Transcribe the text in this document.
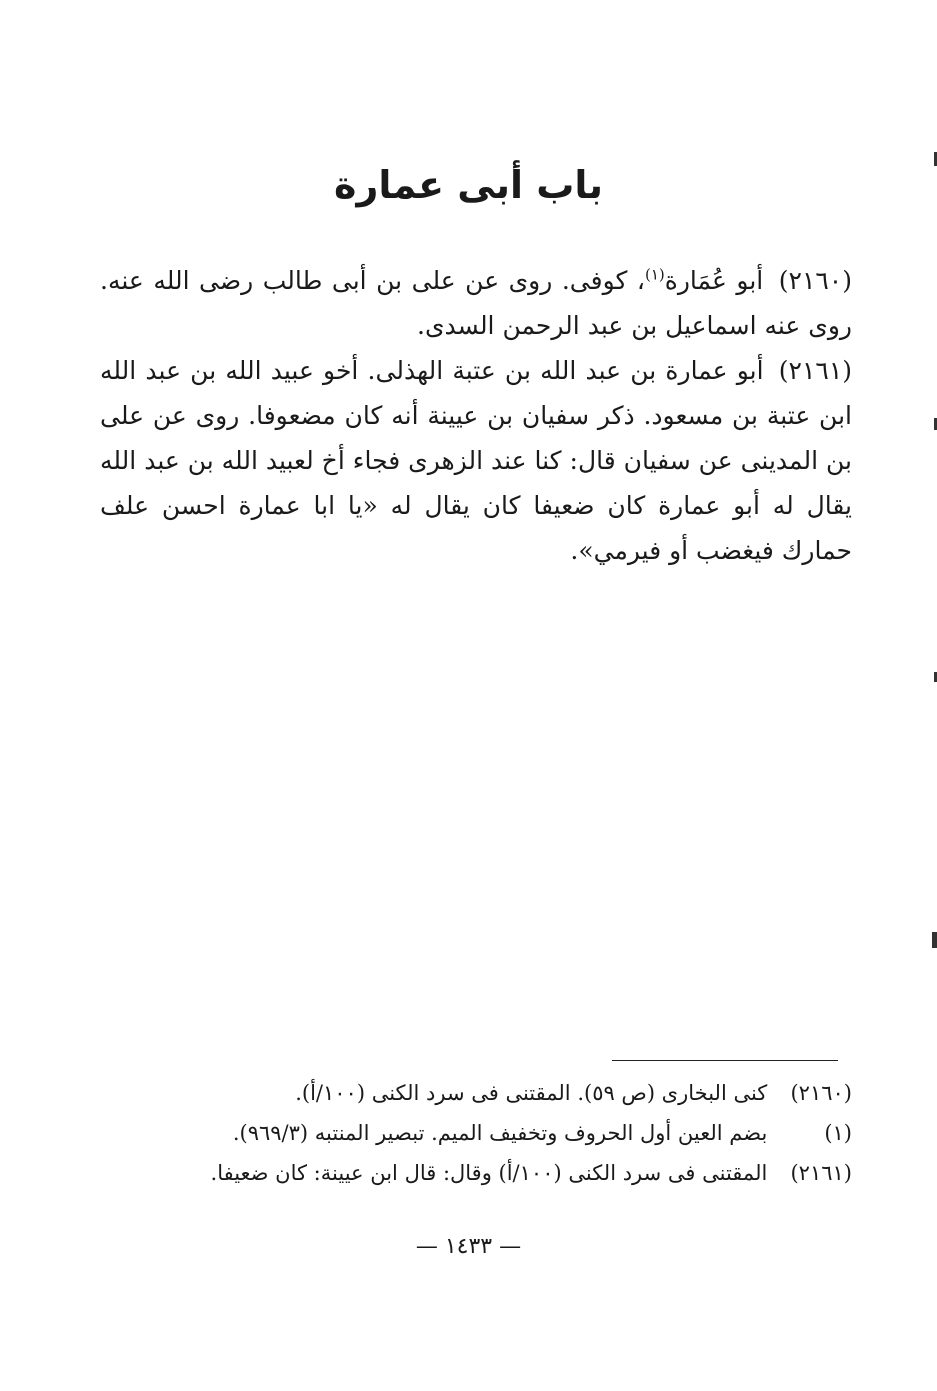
باب أبى عمارة

(٢١٦٠) أبو عُمَارة$^{(١)}$، كوفى. روى عن على بن أبى طالب رضى الله عنه. روى عنه اسماعيل بن عبد الرحمن السدى.

(٢١٦١) أبو عمارة بن عبد الله بن عتبة الهذلى. أخو عبيد الله بن عبد الله ابن عتبة بن مسعود. ذكر سفيان بن عيينة أنه كان مضعوفا. روى عن على بن المدينى عن سفيان قال: كنا عند الزهرى فجاء أخ لعبيد الله بن عبد الله يقال له أبو عمارة كان ضعيفا كان يقال له «يا ابا عمارة احسن علف حمارك فيغضب أو فيرمي».

(٢١٦٠) كنى البخارى (ص ٥٩). المقتنى فى سرد الكنى (١٠٠/أ).

(١) بضم العين أول الحروف وتخفيف الميم. تبصير المنتبه (٩٦٩/٣).

(٢١٦١) المقتنى فى سرد الكنى (١٠٠/أ) وقال: قال ابن عيينة: كان ضعيفا.

— ١٤٣٣ —
